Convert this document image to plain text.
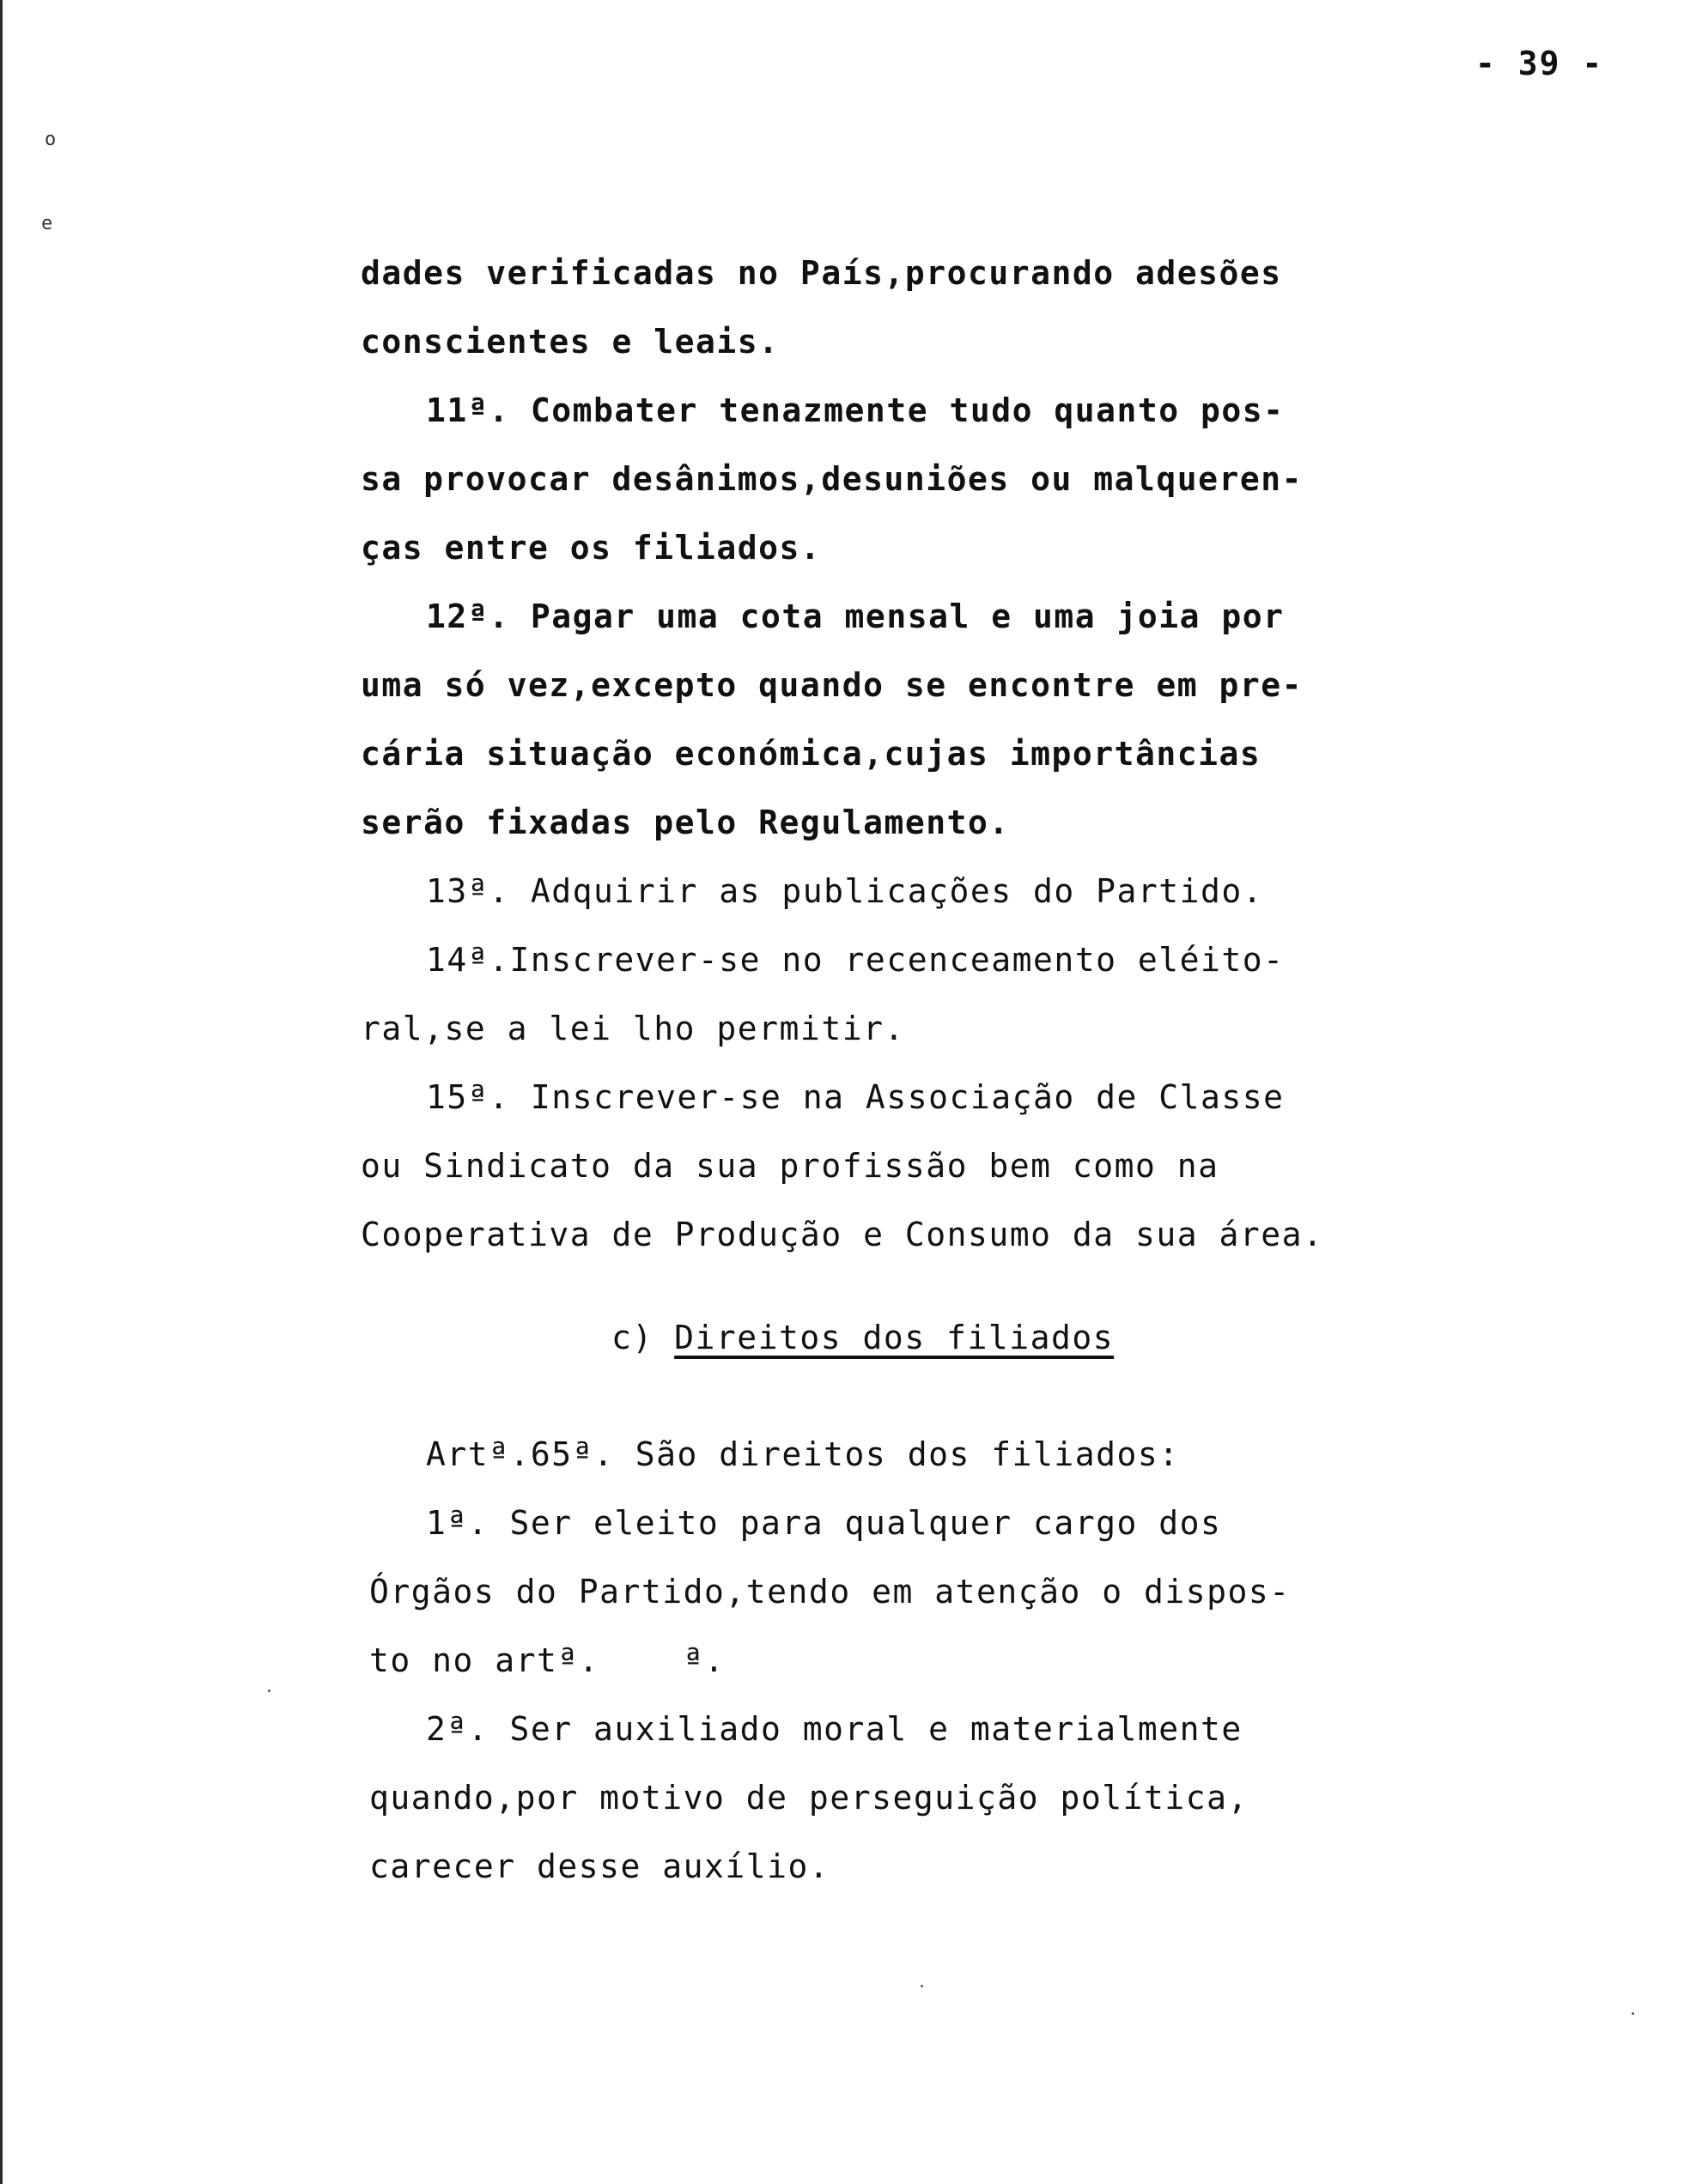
o
e
- 39 -
dades verificadas no País,procurando adesões
conscientes e leais.
11ª. Combater tenazmente tudo quanto pos-
sa provocar desânimos,desuniões ou malqueren-
ças entre os filiados.
12ª. Pagar uma cota mensal e uma joia por
uma só vez,excepto quando se encontre em pre-
cária situação económica,cujas importâncias
serão fixadas pelo Regulamento.
13ª. Adquirir as publicações do Partido.
14ª.Inscrever-se no recenceamento eléito-
ral,se a lei lho permitir.
15ª. Inscrever-se na Associação de Classe
ou Sindicato da sua profissão bem como na
Cooperativa de Produção e Consumo da sua área.
c) Direitos dos filiados
Artª.65ª. São direitos dos filiados:
1ª. Ser eleito para qualquer cargo dos
Órgãos do Partido,tendo em atenção o dispos-
to no artª.    ª.
2ª. Ser auxiliado moral e materialmente
quando,por motivo de perseguição política,
carecer desse auxílio.
